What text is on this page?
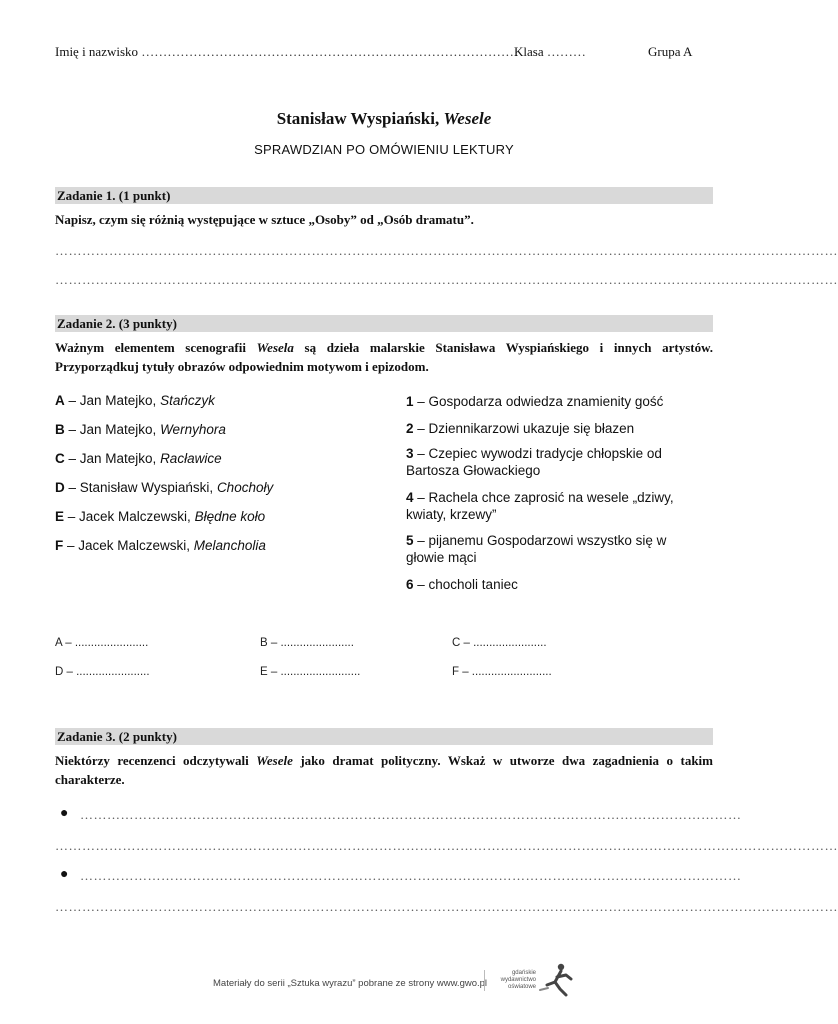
Imię i nazwisko ……………………………………………………………………………
Klasa ………	Grupa A
Stanisław Wyspiański, Wesele
SPRAWDZIAN PO OMÓWIENIU LEKTURY
Zadanie 1. (1 punkt)
Napisz, czym się różnią występujące w sztuce „Osoby” od „Osób dramatu”.
…………………………………………………………………………………………………………………………………………………………
…………………………………………………………………………………………………………………………………………………………
Zadanie 2. (3 punkty)
Ważnym elementem scenografii Wesela są dzieła malarskie Stanisława Wyspiańskiego i innych artystów. Przyporządkuj tytuły obrazów odpowiednim motywom i epizodom.
A – Jan Matejko, Stańczyk
B – Jan Matejko, Wernyhora
C – Jan Matejko, Racławice
D – Stanisław Wyspiański, Chochoły
E – Jacek Malczewski, Błędne koło
F – Jacek Malczewski, Melancholia
1 – Gospodarza odwiedza znamienity gość
2 – Dziennikarzowi ukazuje się błazen
3 – Czepiec wywodzi tradycje chłopskie od Bartosza Głowackiego
4 – Rachela chce zaprosić na wesele „dziwy, kwiaty, krzewy”
5 – pijanemu Gospodarzowi wszystko się w głowie mąci
6 – chocholi taniec
A – .......................	B – .......................	C – .......................
D – .......................	E – .........................	F – .........................
Zadanie 3. (2 punkty)
Niektórzy recenzenci odczytywali Wesele jako dramat polityczny. Wskaż w utworze dwa zagadnienia o takim charakterze.
● …………………………………………………………………………………………………………………………………
…………………………………………………………………………………………………………………………………………………………
● …………………………………………………………………………………………………………………………………
…………………………………………………………………………………………………………………………………………………………
Materiały do serii „Sztuka wyrazu” pobrane ze strony www.gwo.pl
gdańskie
wydawnictwo
oświatowe
